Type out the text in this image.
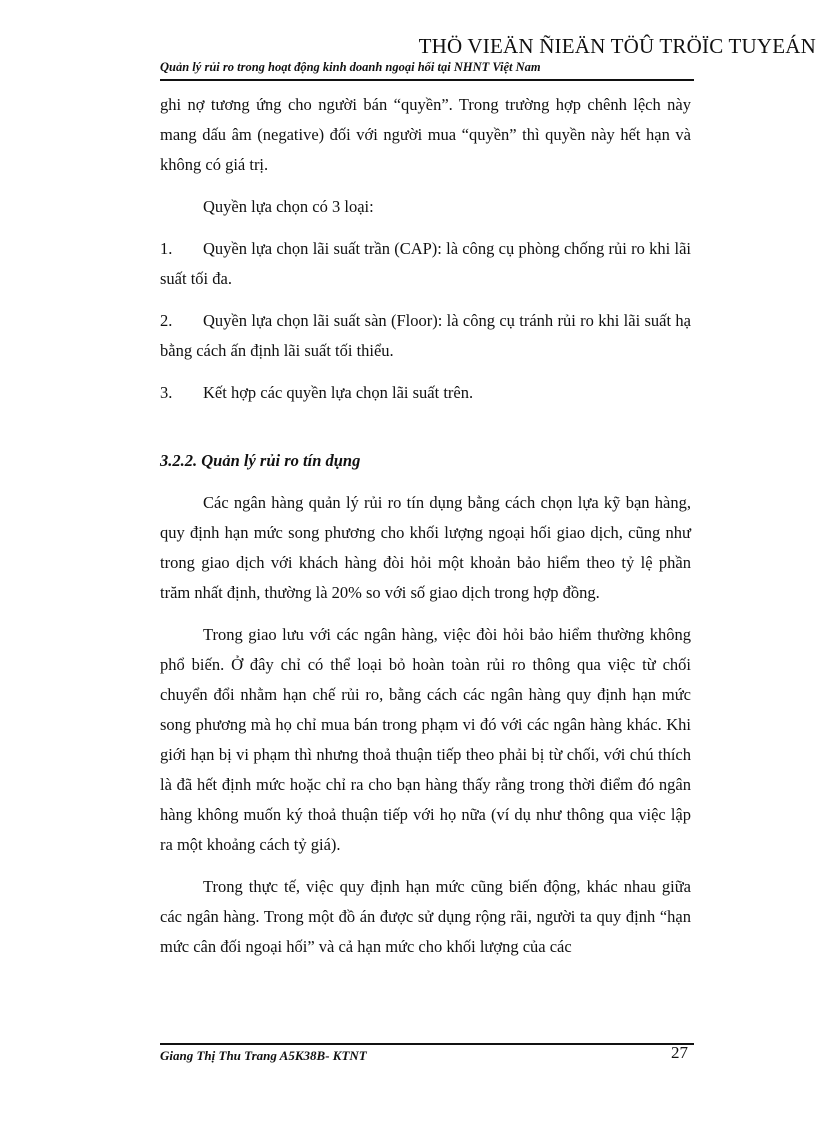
THÖ VIEÄN ÑIEÄN TÖÛ TRÖÏC TUYEÁN
Quản lý rủi ro trong hoạt động kinh doanh ngoại hối tại NHNT Việt Nam

ghi nợ tương ứng cho người bán “quyền”. Trong trường hợp chênh lệch này mang dấu âm (negative) đối với người mua “quyền” thì quyền này hết hạn và không có giá trị.

Quyền lựa chọn có 3 loại:

1. Quyền lựa chọn lãi suất trần (CAP): là công cụ phòng chống rủi ro khi lãi suất tối đa.

2. Quyền lựa chọn lãi suất sàn (Floor): là công cụ tránh rủi ro khi lãi suất hạ bằng cách ấn định lãi suất tối thiểu.

3. Kết hợp các quyền lựa chọn lãi suất trên.

3.2.2. Quản lý rủi ro tín dụng

Các ngân hàng quản lý rủi ro tín dụng bằng cách chọn lựa kỹ bạn hàng, quy định hạn mức song phương cho khối lượng ngoại hối giao dịch, cũng như trong giao dịch với khách hàng đòi hỏi một khoản bảo hiểm theo tỷ lệ phần trăm nhất định, thường là 20% so với số giao dịch trong hợp đồng.

Trong giao lưu với các ngân hàng, việc đòi hỏi bảo hiểm thường không phổ biến. Ở đây chỉ có thể loại bỏ hoàn toàn rủi ro thông qua việc từ chối chuyển đổi nhằm hạn chế rủi ro, bằng cách các ngân hàng quy định hạn mức song phương mà họ chỉ mua bán trong phạm vi đó với các ngân hàng khác. Khi giới hạn bị vi phạm thì nhưng thoả thuận tiếp theo phải bị từ chối, với chú thích là đã hết định mức hoặc chỉ ra cho bạn hàng thấy rằng trong thời điểm đó ngân hàng không muốn ký thoả thuận tiếp với họ nữa (ví dụ như thông qua việc lập ra một khoảng cách tỷ giá).

Trong thực tế, việc quy định hạn mức cũng biến động, khác nhau giữa các ngân hàng. Trong một đồ án được sử dụng rộng rãi, người ta quy định “hạn mức cân đối ngoại hối” và cả hạn mức cho khối lượng của các

Giang Thị Thu Trang A5K38B- KTNT	27
